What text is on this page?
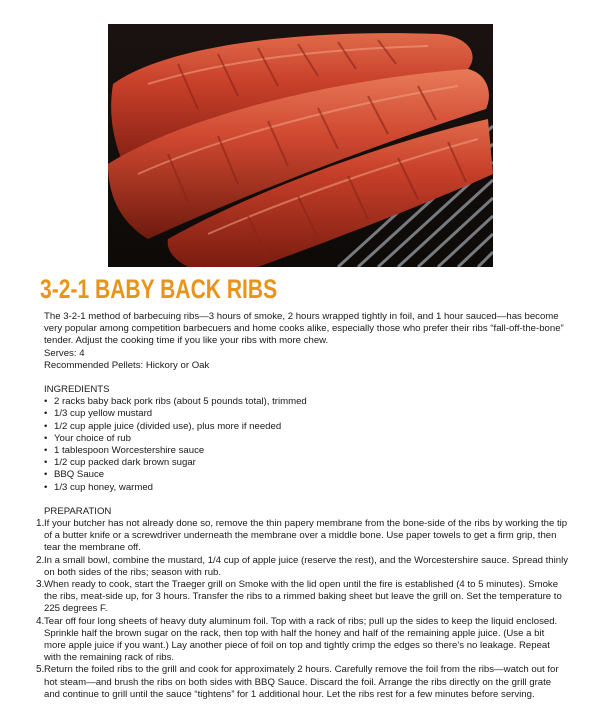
3-2-1 BABY BACK RIBS

The 3-2-1 method of barbecuing ribs—3 hours of smoke, 2 hours wrapped tightly in foil, and 1 hour sauced—has become very popular among competition barbecuers and home cooks alike, especially those who prefer their ribs “fall-off-the-bone” tender. Adjust the cooking time if you like your ribs with more chew.

Serves: 4

Recommended Pellets: Hickory or Oak

INGREDIENTS

• 2 racks baby back pork ribs (about 5 pounds total), trimmed
• 1/3 cup yellow mustard
• 1/2 cup apple juice (divided use), plus more if needed
• Your choice of rub
• 1 tablespoon Worcestershire sauce
• 1/2 cup packed dark brown sugar
• BBQ Sauce
• 1/3 cup honey, warmed

PREPARATION

1. If your butcher has not already done so, remove the thin papery membrane from the bone-side of the ribs by working the tip of a butter knife or a screwdriver underneath the membrane over a middle bone. Use paper towels to get a firm grip, then tear the membrane off.
2. In a small bowl, combine the mustard, 1/4 cup of apple juice (reserve the rest), and the Worcestershire sauce. Spread thinly on both sides of the ribs; season with rub.
3. When ready to cook, start the Traeger grill on Smoke with the lid open until the fire is established (4 to 5 minutes). Smoke the ribs, meat-side up, for 3 hours. Transfer the ribs to a rimmed baking sheet but leave the grill on. Set the temperature to 225 degrees F.
4. Tear off four long sheets of heavy duty aluminum foil. Top with a rack of ribs; pull up the sides to keep the liquid enclosed. Sprinkle half the brown sugar on the rack, then top with half the honey and half of the remaining apple juice. (Use a bit more apple juice if you want.) Lay another piece of foil on top and tightly crimp the edges so there’s no leakage. Repeat with the remaining rack of ribs.
5. Return the foiled ribs to the grill and cook for approximately 2 hours. Carefully remove the foil from the ribs—watch out for hot steam—and brush the ribs on both sides with BBQ Sauce. Discard the foil. Arrange the ribs directly on the grill grate and continue to grill until the sauce “tightens” for 1 additional hour. Let the ribs rest for a few minutes before serving.
